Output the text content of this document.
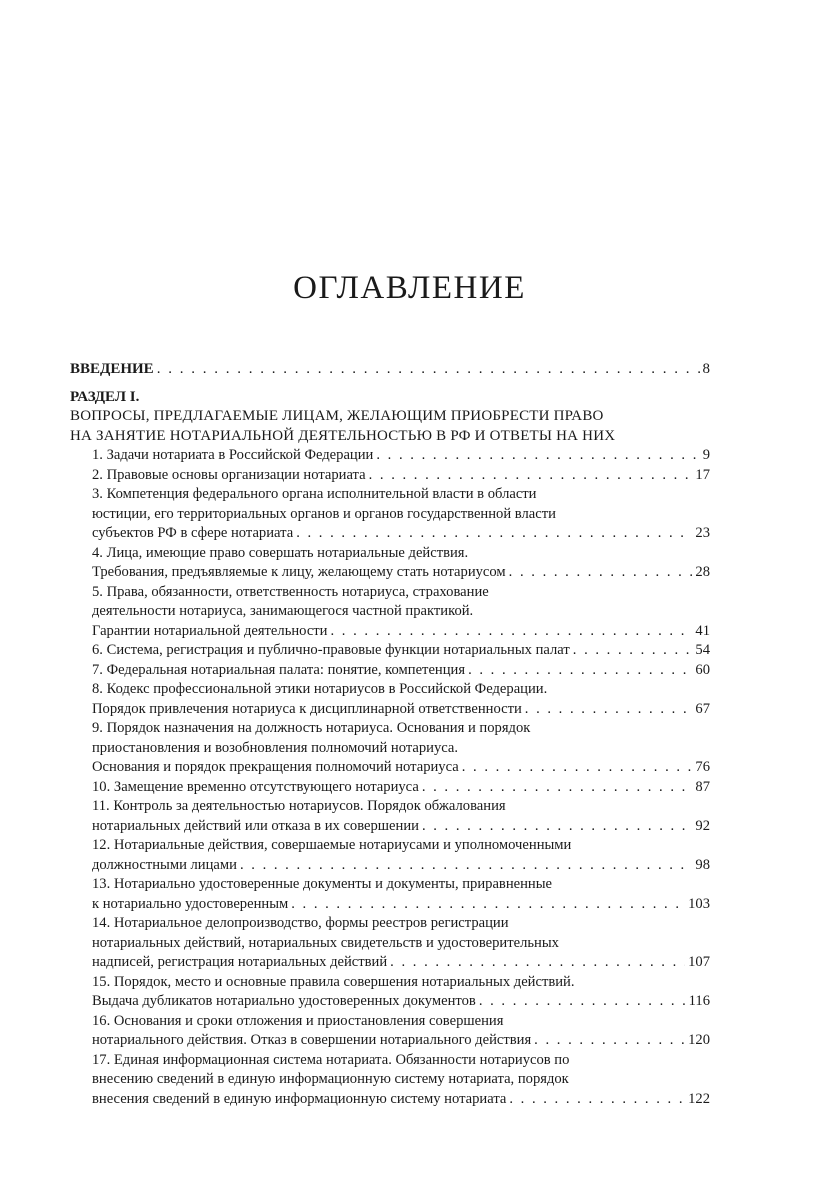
ОГЛАВЛЕНИЕ
ВВЕДЕНИЕ . . .	8
РАЗДЕЛ I.
ВОПРОСЫ, ПРЕДЛАГАЕМЫЕ ЛИЦАМ, ЖЕЛАЮЩИМ ПРИОБРЕСТИ ПРАВО
НА ЗАНЯТИЕ НОТАРИАЛЬНОЙ ДЕЯТЕЛЬНОСТЬЮ В РФ И ОТВЕТЫ НА НИХ
1. Задачи нотариата в Российской Федерации . . .	9
2. Правовые основы организации нотариата . . .	17
3. Компетенция федерального органа исполнительной власти в области
юстиции, его территориальных органов и органов государственной власти
субъектов РФ в сфере нотариата . . .	23
4. Лица, имеющие право совершать нотариальные действия.
Требования, предъявляемые к лицу, желающему стать нотариусом . . .	28
5. Права, обязанности, ответственность нотариуса, страхование
деятельности нотариуса, занимающегося частной практикой.
Гарантии нотариальной деятельности . . .	41
6. Система, регистрация и публично-правовые функции нотариальных палат . . .	54
7. Федеральная нотариальная палата: понятие, компетенция . . .	60
8. Кодекс профессиональной этики нотариусов в Российской Федерации.
Порядок привлечения нотариуса к дисциплинарной ответственности . . .	67
9. Порядок назначения на должность нотариуса. Основания и порядок
приостановления и возобновления полномочий нотариуса.
Основания и порядок прекращения полномочий нотариуса . . .	76
10. Замещение временно отсутствующего нотариуса . . .	87
11. Контроль за деятельностью нотариусов. Порядок обжалования
нотариальных действий или отказа в их совершении . . .	92
12. Нотариальные действия, совершаемые нотариусами и уполномоченными
должностными лицами . . .	98
13. Нотариально удостоверенные документы и документы, приравненные
к нотариально удостоверенным . . .	103
14. Нотариальное делопроизводство, формы реестров регистрации
нотариальных действий, нотариальных свидетельств и удостоверительных
надписей, регистрация нотариальных действий . . .	107
15. Порядок, место и основные правила совершения нотариальных действий.
Выдача дубликатов нотариально удостоверенных документов . . .	116
16. Основания и сроки отложения и приостановления совершения
нотариального действия. Отказ в совершении нотариального действия . . .	120
17. Единая информационная система нотариата. Обязанности нотариусов по
внесению сведений в единую информационную систему нотариата, порядок
внесения сведений в единую информационную систему нотариата . . .	122
